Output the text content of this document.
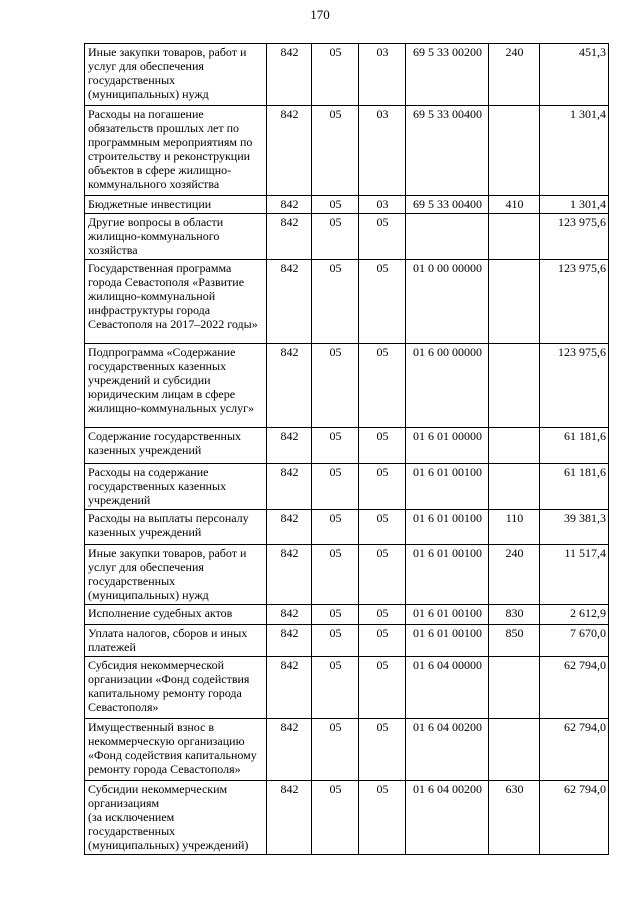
170
Иные закупки товаров, работ и услуг для обеспечения государственных (муниципальных) нужд	842	05	03	69 5 33 00200	240	451,3
Расходы на погашение обязательств прошлых лет по программным мероприятиям по строительству и реконструкции объектов в сфере жилищно-коммунального хозяйства	842	05	03	69 5 33 00400		1 301,4
Бюджетные инвестиции	842	05	03	69 5 33 00400	410	1 301,4
Другие вопросы в области жилищно-коммунального хозяйства	842	05	05			123 975,6
Государственная программа города Севастополя «Развитие жилищно-коммунальной инфраструктуры города Севастополя на 2017–2022 годы»	842	05	05	01 0 00 00000		123 975,6
Подпрограмма «Содержание государственных казенных учреждений и субсидии юридическим лицам в сфере жилищно-коммунальных услуг»	842	05	05	01 6 00 00000		123 975,6
Содержание государственных казенных учреждений	842	05	05	01 6 01 00000		61 181,6
Расходы на содержание государственных казенных учреждений	842	05	05	01 6 01 00100		61 181,6
Расходы на выплаты персоналу казенных учреждений	842	05	05	01 6 01 00100	110	39 381,3
Иные закупки товаров, работ и услуг для обеспечения государственных (муниципальных) нужд	842	05	05	01 6 01 00100	240	11 517,4
Исполнение судебных актов	842	05	05	01 6 01 00100	830	2 612,9
Уплата налогов, сборов и иных платежей	842	05	05	01 6 01 00100	850	7 670,0
Субсидия некоммерческой организации «Фонд содействия капитальному ремонту города Севастополя»	842	05	05	01 6 04 00000		62 794,0
Имущественный взнос в некоммерческую организацию «Фонд содействия капитальному ремонту города Севастополя»	842	05	05	01 6 04 00200		62 794,0
Субсидии некоммерческим организациям
(за исключением государственных (муниципальных) учреждений)	842	05	05	01 6 04 00200	630	62 794,0
